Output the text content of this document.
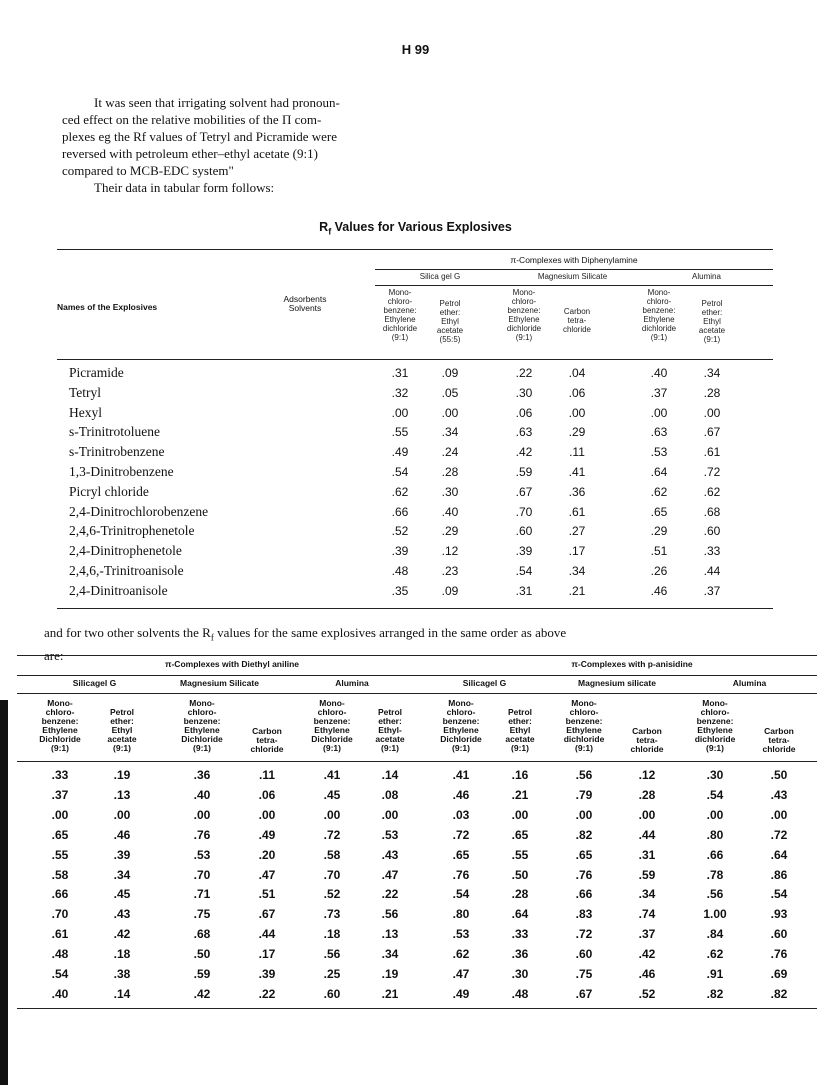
H 99
It was seen that irrigating solvent had pronoun-
ced effect on the relative mobilities of the Π com-
plexes eg the Rf values of Tetryl and Picramide were
reversed with petroleum ether–ethyl acetate (9:1)
compared to MCB-EDC system"
Their data in tabular form follows:
$R_f$ Values for Various Explosives
π-Complexes with Diphenylamine
Silica gel G	Magnesium Silicate	Alumina
Names of the Explosives
Adsorbents
Solvents
Mono-
chloro-
benzene:
Ethylene
dichloride
(9:1)
Petrol
ether:
Ethyl
acetate
(55:5)
Mono-
chloro-
benzene:
Ethylene
dichloride
(9:1)
Carbon
tetra-
chloride
Mono-
chloro-
benzene:
Ethylene
dichloride
(9:1)
Petrol
ether:
Ethyl
acetate
(9:1)
Picramide	.31	.09	.22	.04	.40	.34
Tetryl	.32	.05	.30	.06	.37	.28
Hexyl	.00	.00	.06	.00	.00	.00
s-Trinitrotoluene	.55	.34	.63	.29	.63	.67
s-Trinitrobenzene	.49	.24	.42	.11	.53	.61
1,3-Dinitrobenzene	.54	.28	.59	.41	.64	.72
Picryl chloride	.62	.30	.67	.36	.62	.62
2,4-Dinitrochlorobenzene	.66	.40	.70	.61	.65	.68
2,4,6-Trinitrophenetole	.52	.29	.60	.27	.29	.60
2,4-Dinitrophenetole	.39	.12	.39	.17	.51	.33
2,4,6,-Trinitroanisole	.48	.23	.54	.34	.26	.44
2,4-Dinitroanisole	.35	.09	.31	.21	.46	.37
and for two other solvents the $R_f$ values for the same explosives arranged in the same order as above
are:
π-Complexes with Diethyl aniline	π-Complexes with p-anisidine
Silicagel G	Magnesium Silicate	Alumina	Silicagel G	Magnesium silicate	Alumina
Mono-
chloro-
benzene:
Ethylene
Dichloride
(9:1)
Petrol
ether:
Ethyl
acetate
(9:1)
Mono-
chloro-
benzene:
Ethylene
Dichloride
(9:1)
Carbon
tetra-
chloride
Mono-
chloro-
benzene:
Ethylene
Dichloride
(9:1)
Petrol
ether:
Ethyl-
acetate
(9:1)
Mono-
chloro-
benzene:
Ethylene
Dichloride
(9:1)
Petrol
ether:
Ethyl
acetate
(9:1)
Mono-
chloro-
benzene:
Ethylene
dichloride
(9:1)
Carbon
tetra-
chloride
Mono-
chloro-
benzene:
Ethylene
dichloride
(9:1)
Carbon
tetra-
chloride
.33	.19	.36	.11	.41	.14	.41	.16	.56	.12	.30	.50
.37	.13	.40	.06	.45	.08	.46	.21	.79	.28	.54	.43
.00	.00	.00	.00	.00	.00	.03	.00	.00	.00	.00	.00
.65	.46	.76	.49	.72	.53	.72	.65	.82	.44	.80	.72
.55	.39	.53	.20	.58	.43	.65	.55	.65	.31	.66	.64
.58	.34	.70	.47	.70	.47	.76	.50	.76	.59	.78	.86
.66	.45	.71	.51	.52	.22	.54	.28	.66	.34	.56	.54
.70	.43	.75	.67	.73	.56	.80	.64	.83	.74	1.00	.93
.61	.42	.68	.44	.18	.13	.53	.33	.72	.37	.84	.60
.48	.18	.50	.17	.56	.34	.62	.36	.60	.42	.62	.76
.54	.38	.59	.39	.25	.19	.47	.30	.75	.46	.91	.69
.40	.14	.42	.22	.60	.21	.49	.48	.67	.52	.82	.82
